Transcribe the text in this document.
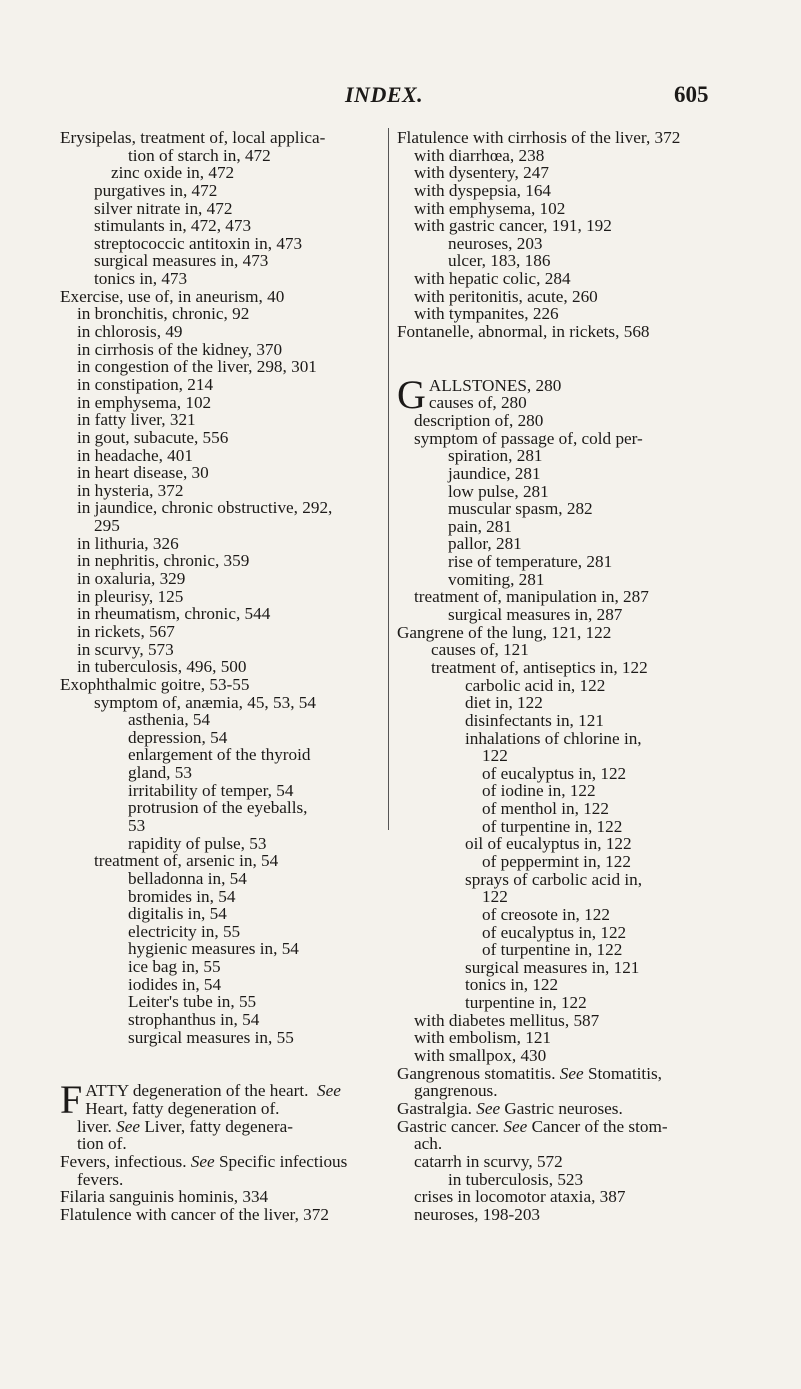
INDEX.	605
Erysipelas, treatment of, local applica-
tion of starch in, 472
zinc oxide in, 472
purgatives in, 472
silver nitrate in, 472
stimulants in, 472, 473
streptococcic antitoxin in, 473
surgical measures in, 473
tonics in, 473
Exercise, use of, in aneurism, 40
in bronchitis, chronic, 92
in chlorosis, 49
in cirrhosis of the kidney, 370
in congestion of the liver, 298, 301
in constipation, 214
in emphysema, 102
in fatty liver, 321
in gout, subacute, 556
in headache, 401
in heart disease, 30
in hysteria, 372
in jaundice, chronic obstructive, 292,
295
in lithuria, 326
in nephritis, chronic, 359
in oxaluria, 329
in pleurisy, 125
in rheumatism, chronic, 544
in rickets, 567
in scurvy, 573
in tuberculosis, 496, 500
Exophthalmic goitre, 53-55
symptom of, anæmia, 45, 53, 54
asthenia, 54
depression, 54
enlargement of the thyroid
gland, 53
irritability of temper, 54
protrusion of the eyeballs,
53
rapidity of pulse, 53
treatment of, arsenic in, 54
belladonna in, 54
bromides in, 54
digitalis in, 54
electricity in, 55
hygienic measures in, 54
ice bag in, 55
iodides in, 54
Leiter's tube in, 55
strophanthus in, 54
surgical measures in, 55
F ATTY degeneration of the heart. See
Heart, fatty degeneration of.
liver. See Liver, fatty degenera-
tion of.
Fevers, infectious. See Specific infectious
fevers.
Filaria sanguinis hominis, 334
Flatulence with cancer of the liver, 372
Flatulence with cirrhosis of the liver, 372
with diarrhœa, 238
with dysentery, 247
with dyspepsia, 164
with emphysema, 102
with gastric cancer, 191, 192
neuroses, 203
ulcer, 183, 186
with hepatic colic, 284
with peritonitis, acute, 260
with tympanites, 226
Fontanelle, abnormal, in rickets, 568
G ALLSTONES, 280
causes of, 280
description of, 280
symptom of passage of, cold per-
spiration, 281
jaundice, 281
low pulse, 281
muscular spasm, 282
pain, 281
pallor, 281
rise of temperature, 281
vomiting, 281
treatment of, manipulation in, 287
surgical measures in, 287
Gangrene of the lung, 121, 122
causes of, 121
treatment of, antiseptics in, 122
carbolic acid in, 122
diet in, 122
disinfectants in, 121
inhalations of chlorine in,
122
of eucalyptus in, 122
of iodine in, 122
of menthol in, 122
of turpentine in, 122
oil of eucalyptus in, 122
of peppermint in, 122
sprays of carbolic acid in,
122
of creosote in, 122
of eucalyptus in, 122
of turpentine in, 122
surgical measures in, 121
tonics in, 122
turpentine in, 122
with diabetes mellitus, 587
with embolism, 121
with smallpox, 430
Gangrenous stomatitis. See Stomatitis,
gangrenous.
Gastralgia. See Gastric neuroses.
Gastric cancer. See Cancer of the stom-
ach.
catarrh in scurvy, 572
in tuberculosis, 523
crises in locomotor ataxia, 387
neuroses, 198-203
